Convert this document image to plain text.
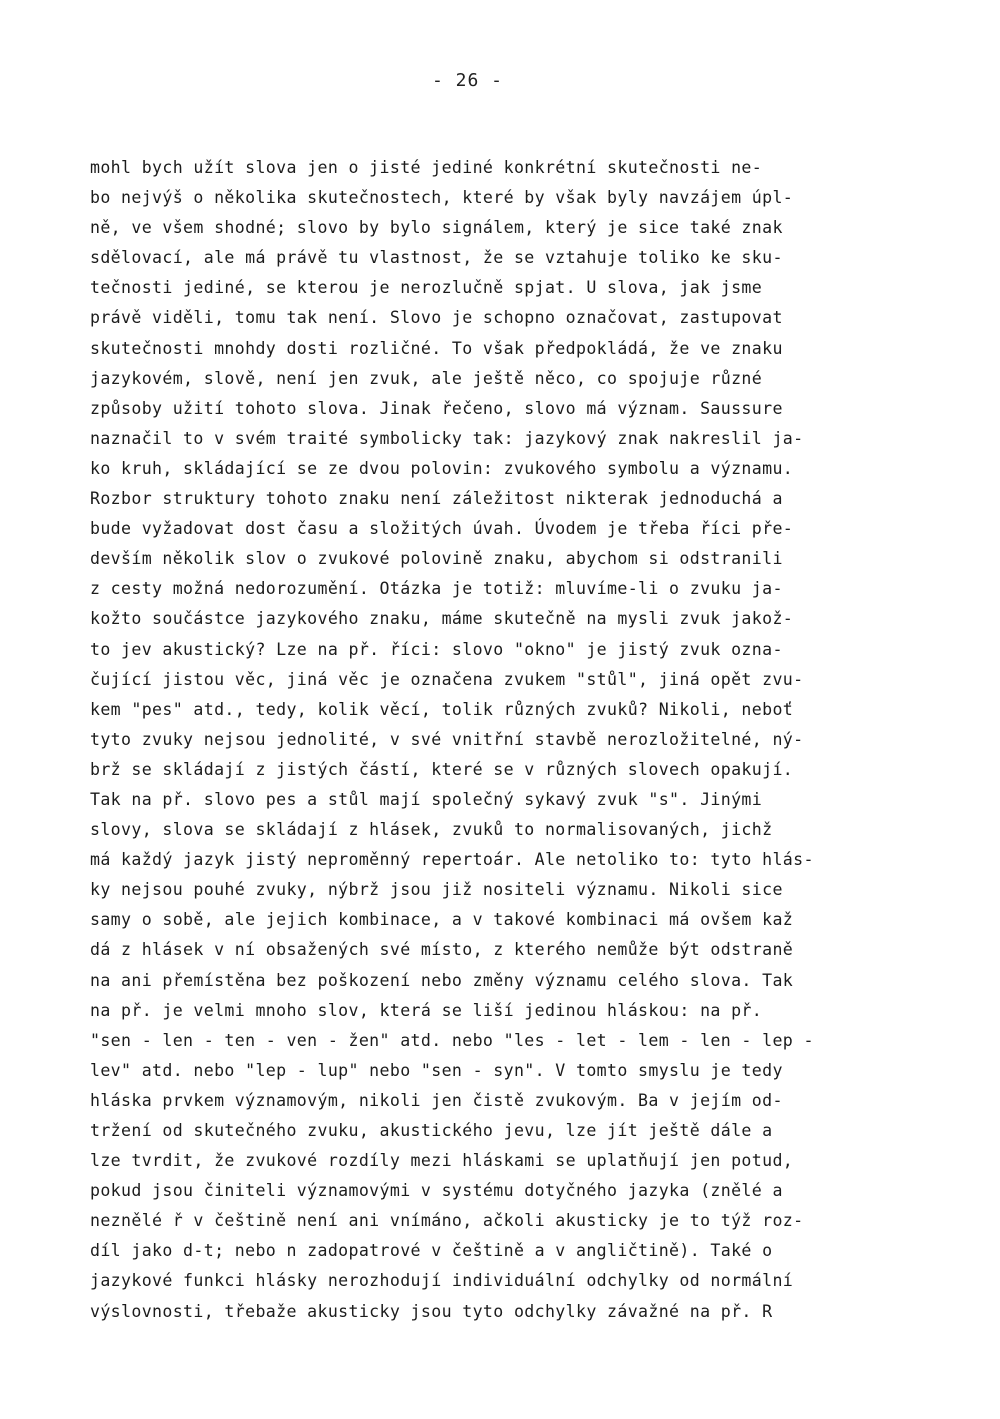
- 26 -
mohl bych užít slova jen o jisté jediné konkrétní skutečnosti ne-
bo nejvýš o několika skutečnostech, které by však byly navzájem úpl-
ně, ve všem shodné; slovo by bylo signálem, který je sice také znak
sdělovací, ale má právě tu vlastnost, že se vztahuje toliko ke sku-
tečnosti jediné, se kterou je nerozlučně spjat. U slova, jak jsme
právě viděli, tomu tak není. Slovo je schopno označovat, zastupovat
skutečnosti mnohdy dosti rozličné. To však předpokládá, že ve znaku
jazykovém, slově, není jen zvuk, ale ještě něco, co spojuje různé
způsoby užití tohoto slova. Jinak řečeno, slovo má význam. Saussure
naznačil to v svém traité symbolicky tak: jazykový znak nakreslil ja-
ko kruh, skládající se ze dvou polovin: zvukového symbolu a významu.
Rozbor struktury tohoto znaku není záležitost nikterak jednoduchá a
bude vyžadovat dost času a složitých úvah. Úvodem je třeba říci pře-
devším několik slov o zvukové polovině znaku, abychom si odstranili
z cesty možná nedorozumění. Otázka je totiž: mluvíme-li o zvuku ja-
kožto součástce jazykového znaku, máme skutečně na mysli zvuk jakož-
to jev akustický? Lze na př. říci: slovo "okno" je jistý zvuk ozna-
čující jistou věc, jiná věc je označena zvukem "stůl", jiná opět zvu-
kem "pes" atd., tedy, kolik věcí, tolik různých zvuků? Nikoli, neboť
tyto zvuky nejsou jednolité, v své vnitřní stavbě nerozložitelné, ný-
brž se skládají z jistých částí, které se v různých slovech opakují.
Tak na př. slovo pes a stůl mají společný sykavý zvuk "s". Jinými
slovy, slova se skládají z hlásek, zvuků to normalisovaných, jichž
má každý jazyk jistý neproměnný repertoár. Ale netoliko to: tyto hlás-
ky nejsou pouhé zvuky, nýbrž jsou již nositeli významu. Nikoli sice
samy o sobě, ale jejich kombinace, a v takové kombinaci má ovšem kaž
dá z hlásek v ní obsažených své místo, z kterého nemůže být odstraně
na ani přemístěna bez poškození nebo změny významu celého slova. Tak
na př. je velmi mnoho slov, která se liší jedinou hláskou: na př.
"sen - len - ten - ven - žen" atd. nebo "les - let - lem - len - lep -
lev" atd. nebo "lep - lup" nebo "sen - syn". V tomto smyslu je tedy
hláska prvkem významovým, nikoli jen čistě zvukovým. Ba v jejím od-
tržení od skutečného zvuku, akustického jevu, lze jít ještě dále a
lze tvrdit, že zvukové rozdíly mezi hláskami se uplatňují jen potud,
pokud jsou činiteli významovými v systému dotyčného jazyka (znělé a
neznělé ř v češtině není ani vnímáno, ačkoli akusticky je to týž roz-
díl jako d-t; nebo n zadopatrové v češtině a v angličtině). Také o
jazykové funkci hlásky nerozhodují individuální odchylky od normální
výslovnosti, třebaže akusticky jsou tyto odchylky závažné na př. R
